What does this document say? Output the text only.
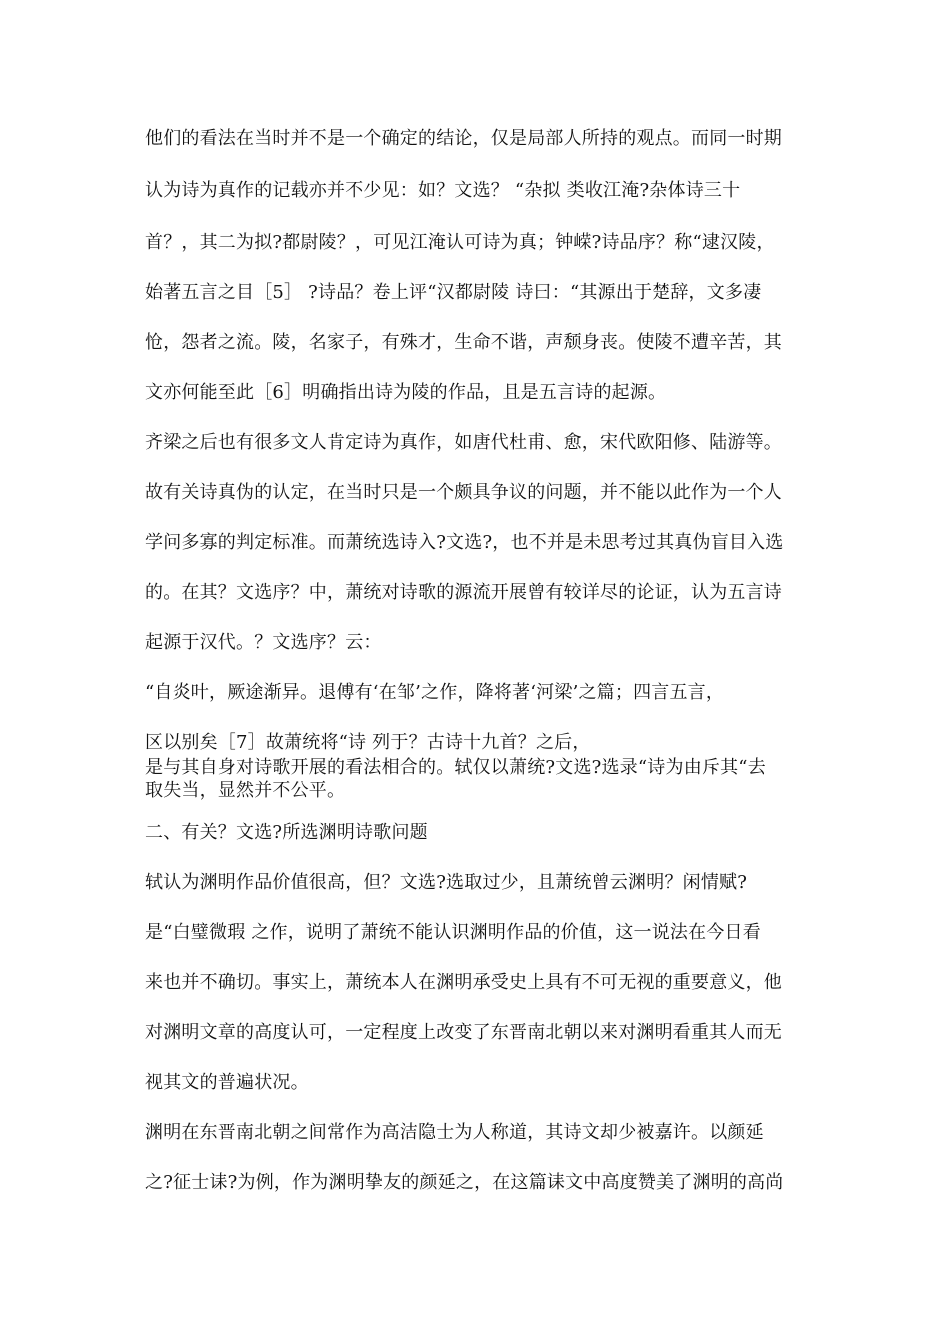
他们的看法在当时并不是一个确定的结论，仅是局部人所持的观点。而同一时期
认为诗为真作的记载亦并不少见：如？文选？ “杂拟 类收江淹?杂体诗三十
首？，其二为拟?都尉陵？，可见江淹认可诗为真；钟嵘?诗品序？称“逮汉陵，
始著五言之目［5］ ?诗品？卷上评“汉都尉陵 诗曰：“其源出于楚辞，文多凄
怆，怨者之流。陵，名家子，有殊才，生命不谐，声颓身丧。使陵不遭辛苦，其
文亦何能至此［6］明确指出诗为陵的作品，且是五言诗的起源。
齐梁之后也有很多文人肯定诗为真作，如唐代杜甫、愈，宋代欧阳修、陆游等。
故有关诗真伪的认定，在当时只是一个颇具争议的问题，并不能以此作为一个人
学问多寡的判定标准。而萧统选诗入?文选?，也不并是未思考过其真伪盲目入选
的。在其？文选序？中，萧统对诗歌的源流开展曾有较详尽的论证，认为五言诗
起源于汉代。？文选序？云：
“自炎叶，厥途渐异。退傅有‘在邹’之作，降将著‘河梁’之篇；四言五言，
区以别矣［7］故萧统将“诗 列于？古诗十九首？之后，
是与其自身对诗歌开展的看法相合的。轼仅以萧统?文选?选录“诗为由斥其“去
取失当，显然并不公平。
二、有关？文选?所选渊明诗歌问题
轼认为渊明作品价值很高，但？文选?选取过少，且萧统曾云渊明？闲情赋?
是“白璧微瑕 之作，说明了萧统不能认识渊明作品的价值，这一说法在今日看
来也并不确切。事实上，萧统本人在渊明承受史上具有不可无视的重要意义，他
对渊明文章的高度认可，一定程度上改变了东晋南北朝以来对渊明看重其人而无
视其文的普遍状况。
渊明在东晋南北朝之间常作为高洁隐士为人称道，其诗文却少被嘉许。以颜延
之?征士诔?为例，作为渊明挚友的颜延之，在这篇诔文中高度赞美了渊明的高尚
